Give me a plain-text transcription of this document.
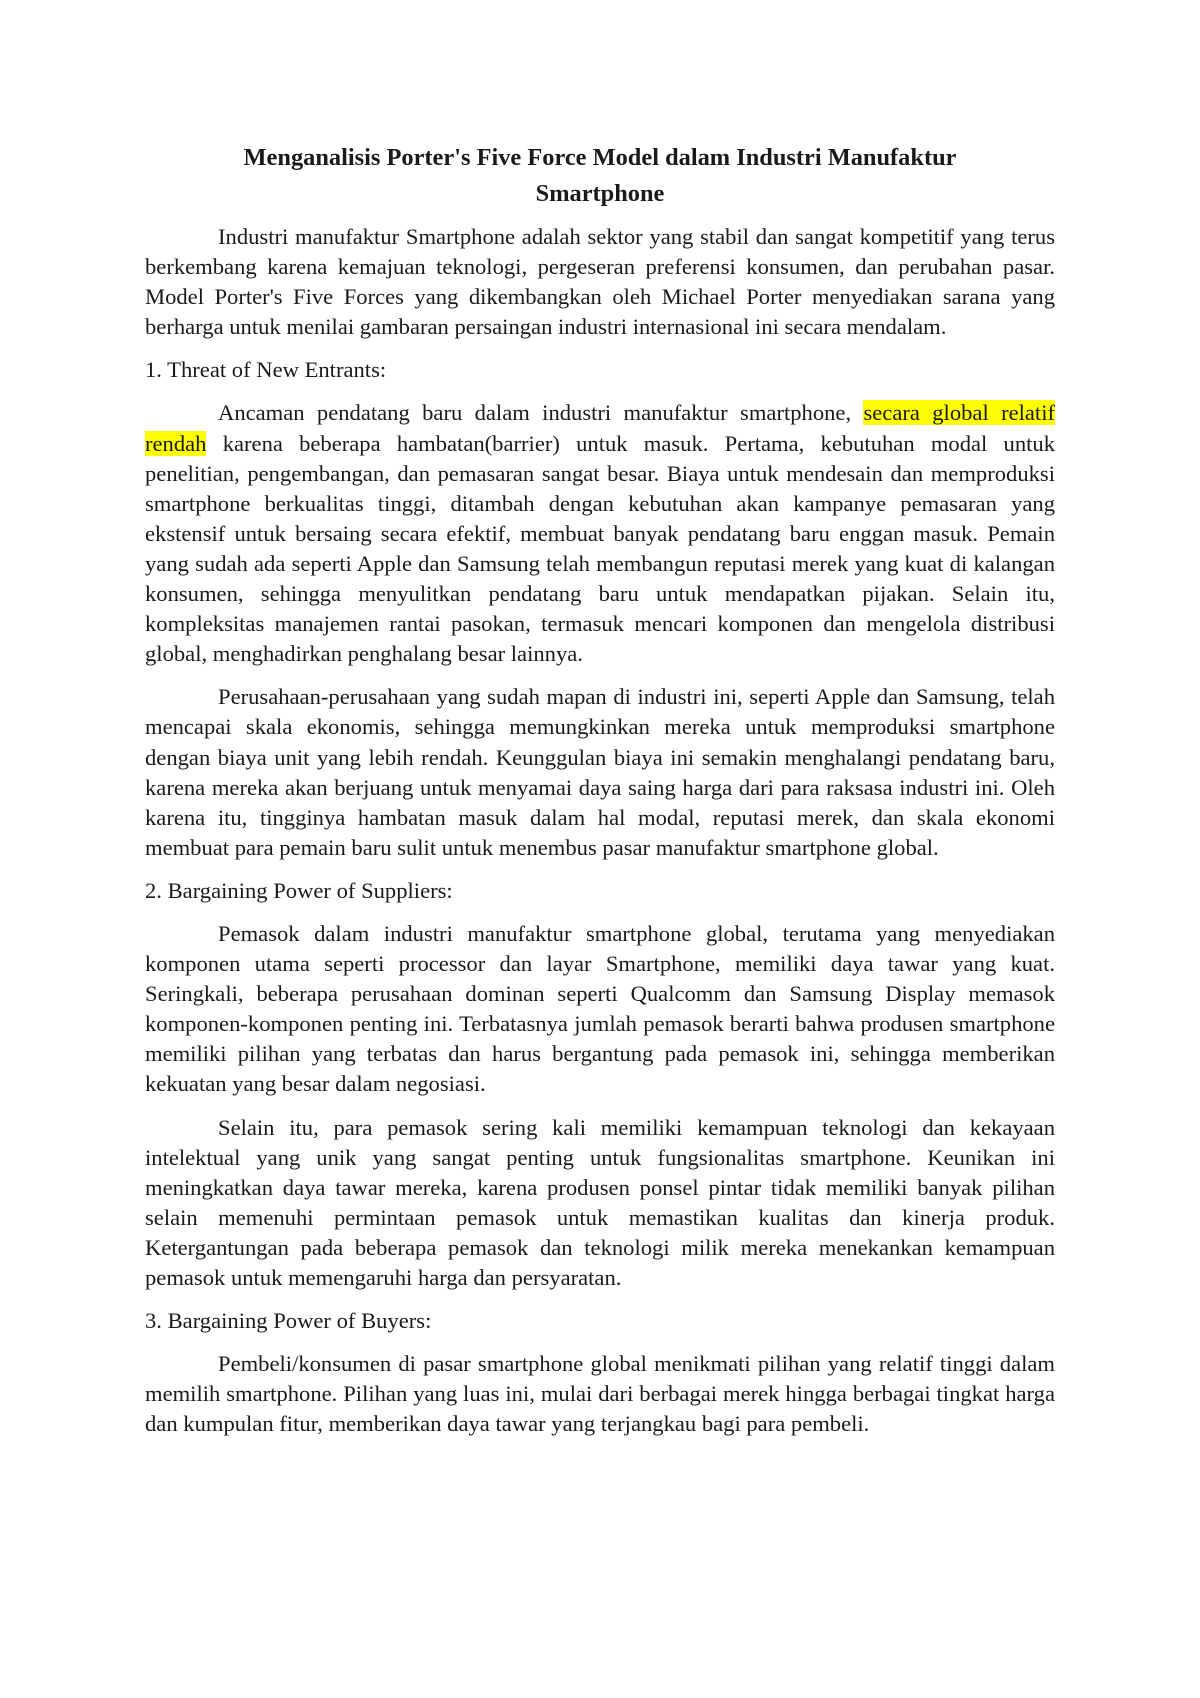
Menganalisis Porter's Five Force Model dalam Industri Manufaktur
Smartphone

Industri manufaktur Smartphone adalah sektor yang stabil dan sangat kompetitif yang terus berkembang karena kemajuan teknologi, pergeseran preferensi konsumen, dan perubahan pasar. Model Porter's Five Forces yang dikembangkan oleh Michael Porter menyediakan sarana yang berharga untuk menilai gambaran persaingan industri internasional ini secara mendalam.

1. Threat of New Entrants:

Ancaman pendatang baru dalam industri manufaktur smartphone, secara global relatif rendah karena beberapa hambatan(barrier) untuk masuk. Pertama, kebutuhan modal untuk penelitian, pengembangan, dan pemasaran sangat besar. Biaya untuk mendesain dan memproduksi smartphone berkualitas tinggi, ditambah dengan kebutuhan akan kampanye pemasaran yang ekstensif untuk bersaing secara efektif, membuat banyak pendatang baru enggan masuk. Pemain yang sudah ada seperti Apple dan Samsung telah membangun reputasi merek yang kuat di kalangan konsumen, sehingga menyulitkan pendatang baru untuk mendapatkan pijakan. Selain itu, kompleksitas manajemen rantai pasokan, termasuk mencari komponen dan mengelola distribusi global, menghadirkan penghalang besar lainnya.

Perusahaan-perusahaan yang sudah mapan di industri ini, seperti Apple dan Samsung, telah mencapai skala ekonomis, sehingga memungkinkan mereka untuk memproduksi smartphone dengan biaya unit yang lebih rendah. Keunggulan biaya ini semakin menghalangi pendatang baru, karena mereka akan berjuang untuk menyamai daya saing harga dari para raksasa industri ini. Oleh karena itu, tingginya hambatan masuk dalam hal modal, reputasi merek, dan skala ekonomi membuat para pemain baru sulit untuk menembus pasar manufaktur smartphone global.

2. Bargaining Power of Suppliers:

Pemasok dalam industri manufaktur smartphone global, terutama yang menyediakan komponen utama seperti processor dan layar Smartphone, memiliki daya tawar yang kuat. Seringkali, beberapa perusahaan dominan seperti Qualcomm dan Samsung Display memasok komponen-komponen penting ini. Terbatasnya jumlah pemasok berarti bahwa produsen smartphone memiliki pilihan yang terbatas dan harus bergantung pada pemasok ini, sehingga memberikan kekuatan yang besar dalam negosiasi.

Selain itu, para pemasok sering kali memiliki kemampuan teknologi dan kekayaan intelektual yang unik yang sangat penting untuk fungsionalitas smartphone. Keunikan ini meningkatkan daya tawar mereka, karena produsen ponsel pintar tidak memiliki banyak pilihan selain memenuhi permintaan pemasok untuk memastikan kualitas dan kinerja produk. Ketergantungan pada beberapa pemasok dan teknologi milik mereka menekankan kemampuan pemasok untuk memengaruhi harga dan persyaratan.

3. Bargaining Power of Buyers:

Pembeli/konsumen di pasar smartphone global menikmati pilihan yang relatif tinggi dalam memilih smartphone. Pilihan yang luas ini, mulai dari berbagai merek hingga berbagai tingkat harga dan kumpulan fitur, memberikan daya tawar yang terjangkau bagi para pembeli.
